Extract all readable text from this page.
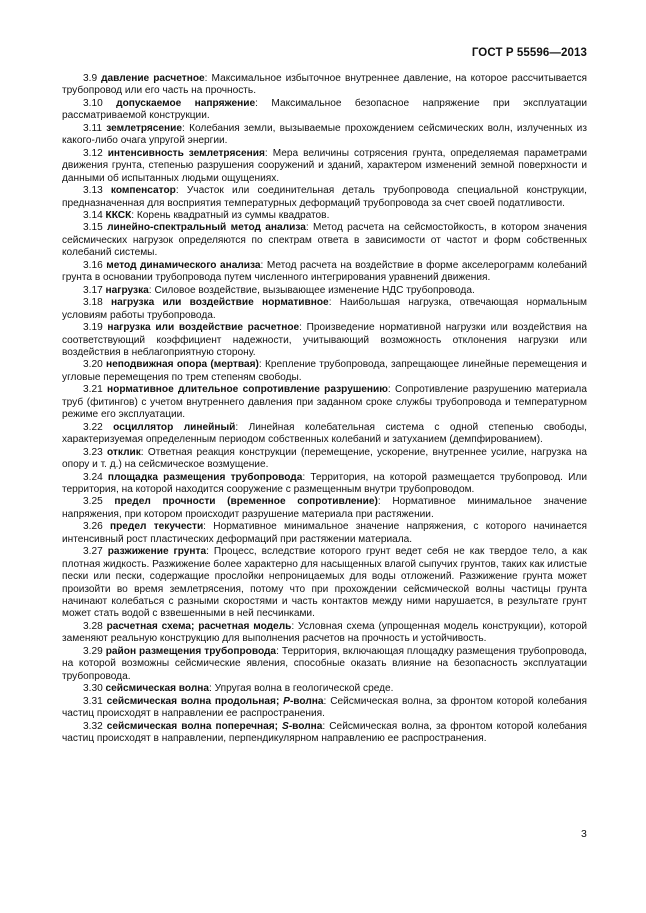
ГОСТ Р 55596—2013

3.9 давление расчетное: Максимальное избыточное внутреннее давление, на которое рассчитывается трубопровод или его часть на прочность.

3.10 допускаемое напряжение: Максимальное безопасное напряжение при эксплуатации рассматриваемой конструкции.

3.11 землетрясение: Колебания земли, вызываемые прохождением сейсмических волн, излученных из какого-либо очага упругой энергии.

3.12 интенсивность землетрясения: Мера величины сотрясения грунта, определяемая параметрами движения грунта, степенью разрушения сооружений и зданий, характером изменений земной поверхности и данными об испытанных людьми ощущениях.

3.13 компенсатор: Участок или соединительная деталь трубопровода специальной конструкции, предназначенная для восприятия температурных деформаций трубопровода за счет своей податливости.

3.14 ККСК: Корень квадратный из суммы квадратов.

3.15 линейно-спектральный метод анализа: Метод расчета на сейсмостойкость, в котором значения сейсмических нагрузок определяются по спектрам ответа в зависимости от частот и форм собственных колебаний системы.

3.16 метод динамического анализа: Метод расчета на воздействие в форме акселерограмм колебаний грунта в основании трубопровода путем численного интегрирования уравнений движения.

3.17 нагрузка: Силовое воздействие, вызывающее изменение НДС трубопровода.

3.18 нагрузка или воздействие нормативное: Наибольшая нагрузка, отвечающая нормальным условиям работы трубопровода.

3.19 нагрузка или воздействие расчетное: Произведение нормативной нагрузки или воздействия на соответствующий коэффициент надежности, учитывающий возможность отклонения нагрузки или воздействия в неблагоприятную сторону.

3.20 неподвижная опора (мертвая): Крепление трубопровода, запрещающее линейные перемещения и угловые перемещения по трем степеням свободы.

3.21 нормативное длительное сопротивление разрушению: Сопротивление разрушению материала труб (фитингов) с учетом внутреннего давления при заданном сроке службы трубопровода и температурном режиме его эксплуатации.

3.22 осциллятор линейный: Линейная колебательная система с одной степенью свободы, характеризуемая определенным периодом собственных колебаний и затуханием (демпфированием).

3.23 отклик: Ответная реакция конструкции (перемещение, ускорение, внутреннее усилие, нагрузка на опору и т. д.) на сейсмическое возмущение.

3.24 площадка размещения трубопровода: Территория, на которой размещается трубопровод. Или территория, на которой находится сооружение с размещенным внутри трубопроводом.

3.25 предел прочности (временное сопротивление): Нормативное минимальное значение напряжения, при котором происходит разрушение материала при растяжении.

3.26 предел текучести: Нормативное минимальное значение напряжения, с которого начинается интенсивный рост пластических деформаций при растяжении материала.

3.27 разжижение грунта: Процесс, вследствие которого грунт ведет себя не как твердое тело, а как плотная жидкость. Разжижение более характерно для насыщенных влагой сыпучих грунтов, таких как илистые пески или пески, содержащие прослойки непроницаемых для воды отложений. Разжижение грунта может произойти во время землетрясения, потому что при прохождении сейсмической волны частицы грунта начинают колебаться с разными скоростями и часть контактов между ними нарушается, в результате грунт может стать водой с взвешенными в ней песчинками.

3.28 расчетная схема; расчетная модель: Условная схема (упрощенная модель конструкции), которой заменяют реальную конструкцию для выполнения расчетов на прочность и устойчивость.

3.29 район размещения трубопровода: Территория, включающая площадку размещения трубопровода, на которой возможны сейсмические явления, способные оказать влияние на безопасность эксплуатации трубопровода.

3.30 сейсмическая волна: Упругая волна в геологической среде.

3.31 сейсмическая волна продольная; P-волна: Сейсмическая волна, за фронтом которой колебания частиц происходят в направлении ее распространения.

3.32 сейсмическая волна поперечная; S-волна: Сейсмическая волна, за фронтом которой колебания частиц происходят в направлении, перпендикулярном направлению ее распространения.

3
